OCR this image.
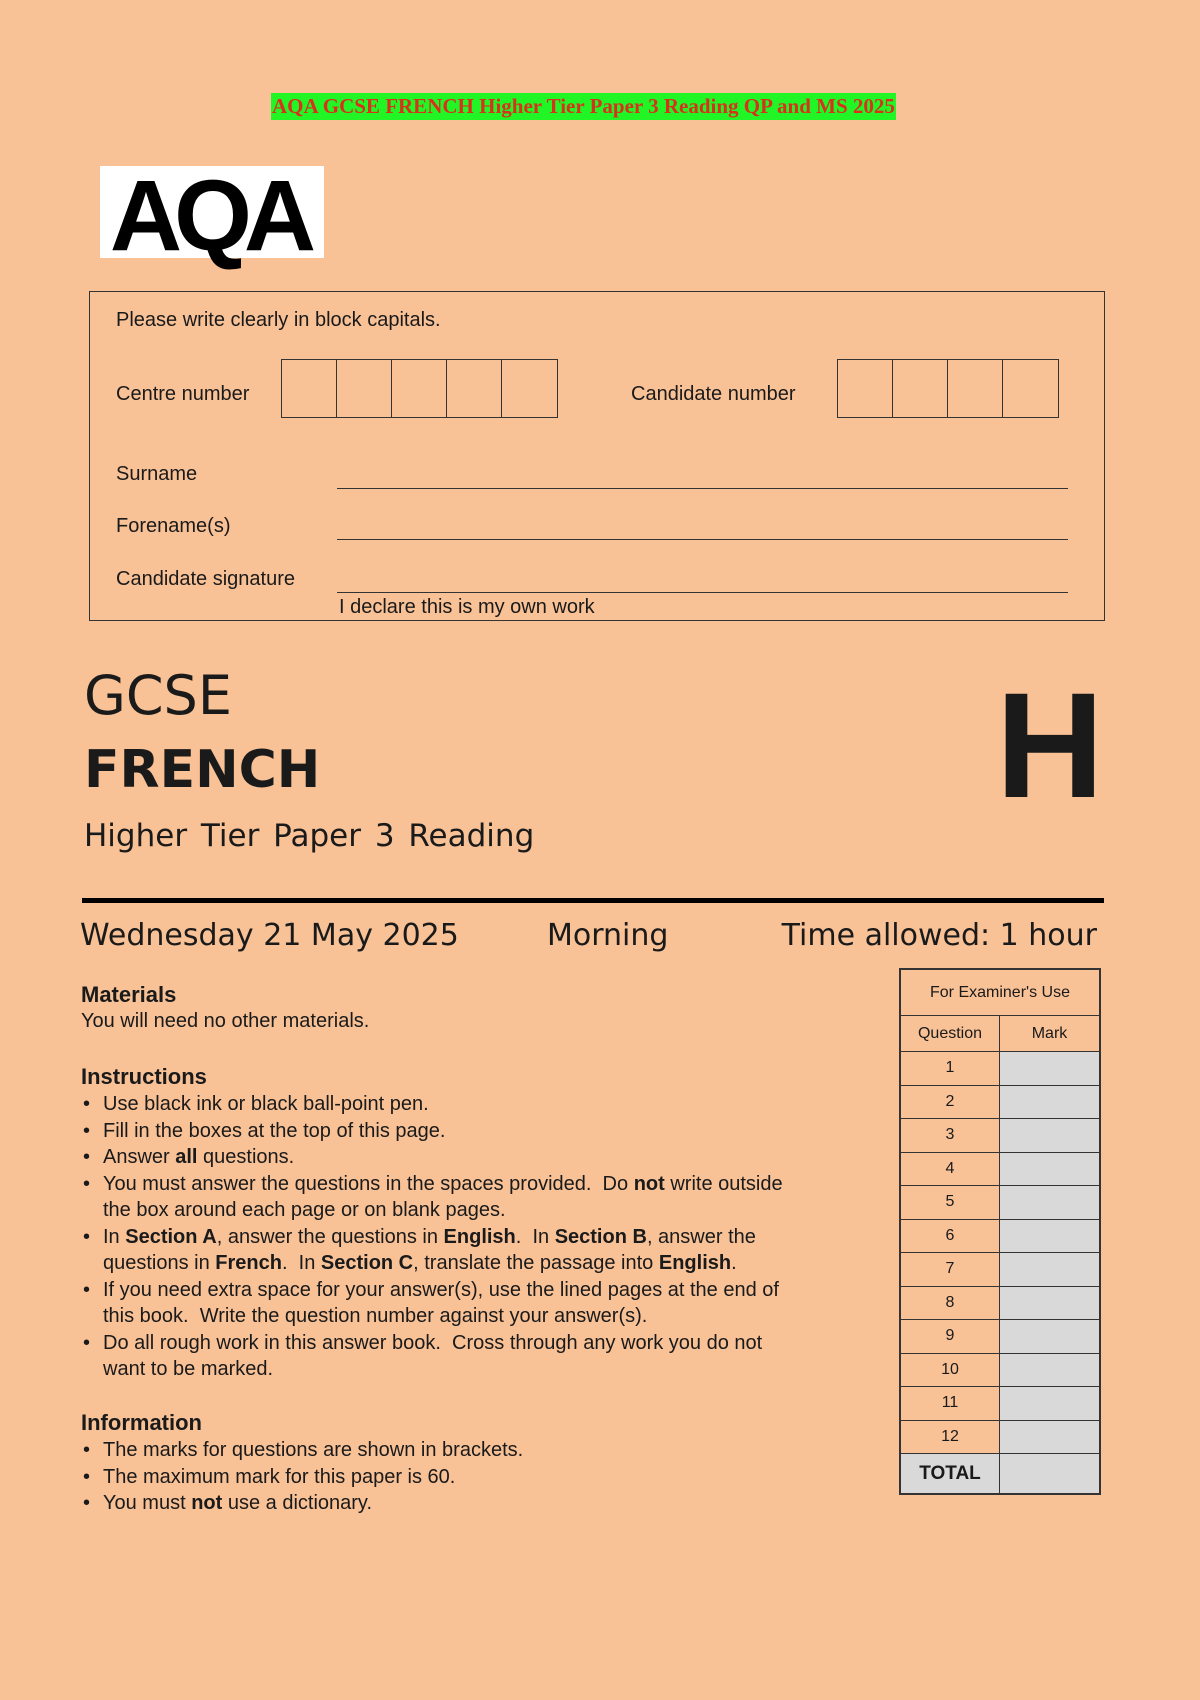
AQA GCSE FRENCH Higher Tier Paper 3 Reading QP and MS 2025
AQA
Please write clearly in block capitals.
Centre number	Candidate number
Surname
Forename(s)
Candidate signature
I declare this is my own work
GCSE
FRENCH
Higher Tier Paper 3 Reading
H
Wednesday 21 May 2025	Morning	Time allowed: 1 hour
Materials
You will need no other materials.
Instructions
• Use black ink or black ball-point pen.
• Fill in the boxes at the top of this page.
• Answer all questions.
• You must answer the questions in the spaces provided.  Do not write outside
the box around each page or on blank pages.
• In Section A, answer the questions in English.  In Section B, answer the
questions in French.  In Section C, translate the passage into English.
• If you need extra space for your answer(s), use the lined pages at the end of
this book.  Write the question number against your answer(s).
• Do all rough work in this answer book.  Cross through any work you do not
want to be marked.
Information
• The marks for questions are shown in brackets.
• The maximum mark for this paper is 60.
• You must not use a dictionary.
For Examiner's Use	
Question	Mark
1	
2	
3	
4	
5	
6	
7	
8	
9	
10	
11	
12	
TOTAL	
